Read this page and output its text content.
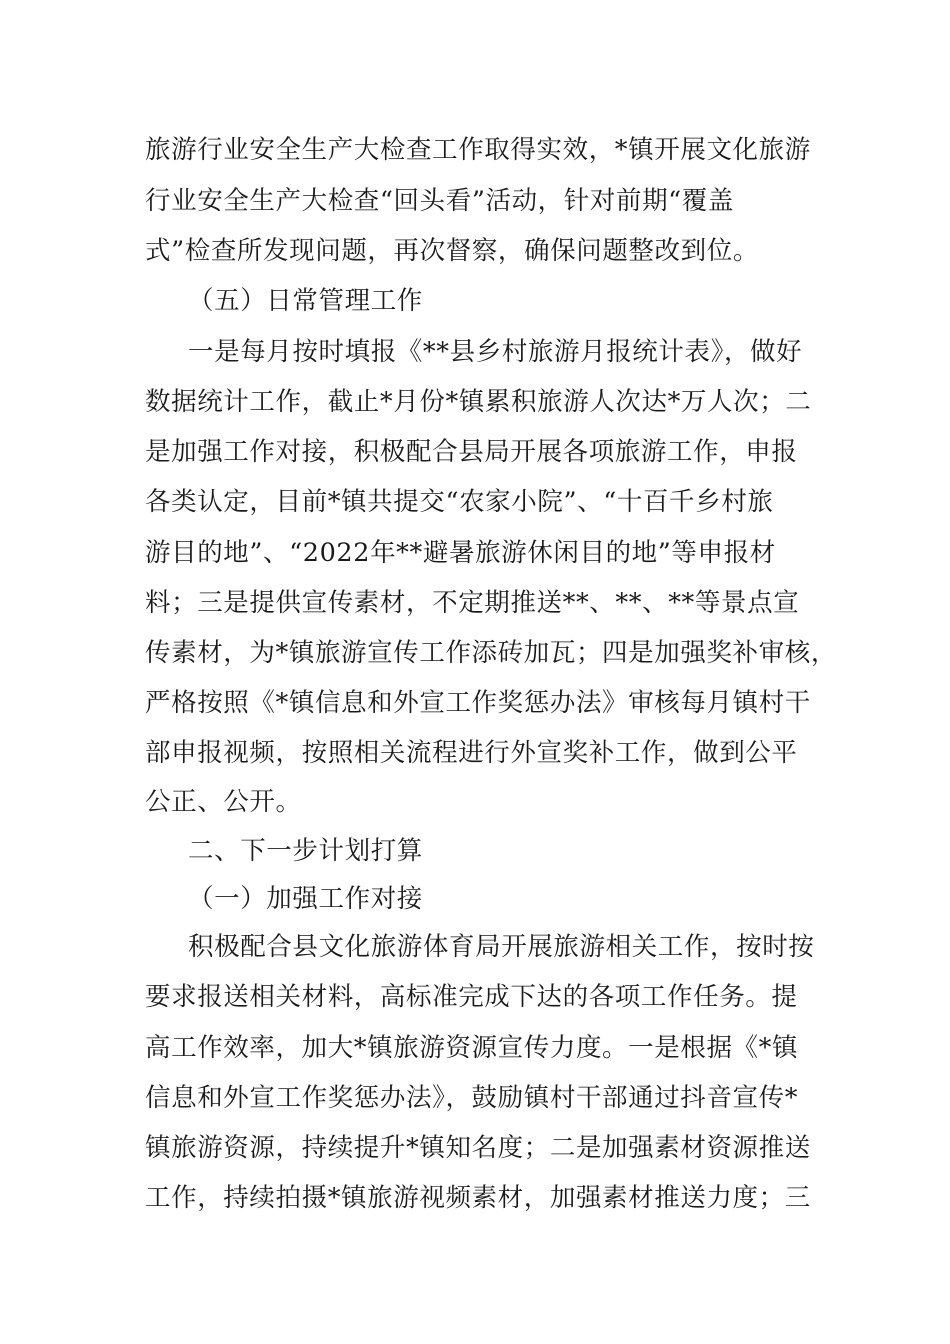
旅游行业安全生产大检查工作取得实效，*镇开展文化旅游
行业安全生产大检查“回头看”活动，针对前期“覆盖
式”检查所发现问题，再次督察，确保问题整改到位。
（五）日常管理工作
一是每月按时填报《**县乡村旅游月报统计表》，做好
数据统计工作，截止*月份*镇累积旅游人次达*万人次；二
是加强工作对接，积极配合县局开展各项旅游工作，申报
各类认定，目前*镇共提交“农家小院”、“十百千乡村旅
游目的地”、“2022年**避暑旅游休闲目的地”等申报材
料；三是提供宣传素材，不定期推送**、**、**等景点宣
传素材，为*镇旅游宣传工作添砖加瓦；四是加强奖补审核，
严格按照《*镇信息和外宣工作奖惩办法》审核每月镇村干
部申报视频，按照相关流程进行外宣奖补工作，做到公平
公正、公开。
二、下一步计划打算
（一）加强工作对接
积极配合县文化旅游体育局开展旅游相关工作，按时按
要求报送相关材料，高标准完成下达的各项工作任务。提
高工作效率，加大*镇旅游资源宣传力度。一是根据《*镇
信息和外宣工作奖惩办法》，鼓励镇村干部通过抖音宣传*
镇旅游资源，持续提升*镇知名度；二是加强素材资源推送
工作，持续拍摄*镇旅游视频素材，加强素材推送力度；三
